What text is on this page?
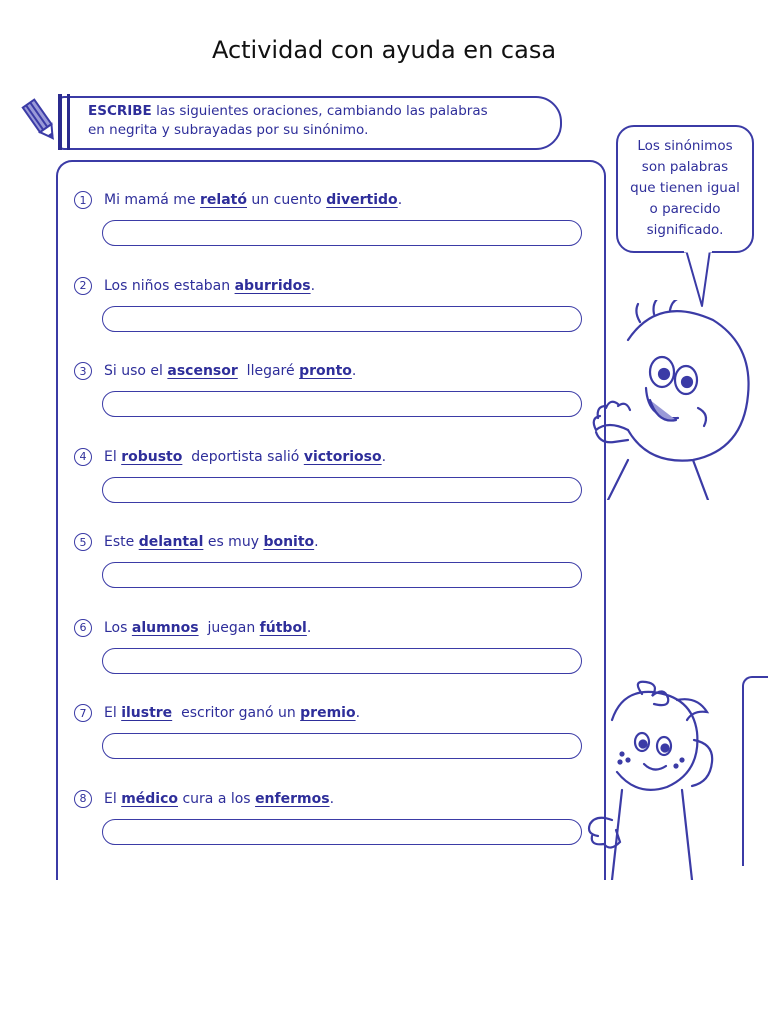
Actividad con ayuda en casa
ESCRIBE las siguientes oraciones, cambiando las palabras
en negrita y subrayadas por su sinónimo.
1	Mi mamá me relató un cuento divertido.
2	Los niños estaban aburridos.
3	Si uso el ascensor  llegaré pronto.
4	El robusto  deportista salió victorioso.
5	Este delantal es muy bonito.
6	Los alumnos  juegan fútbol.
7	El ilustre  escritor ganó un premio.
8	El médico cura a los enfermos.
Los sinónimos
son palabras
que tienen igual
o parecido
significado.
